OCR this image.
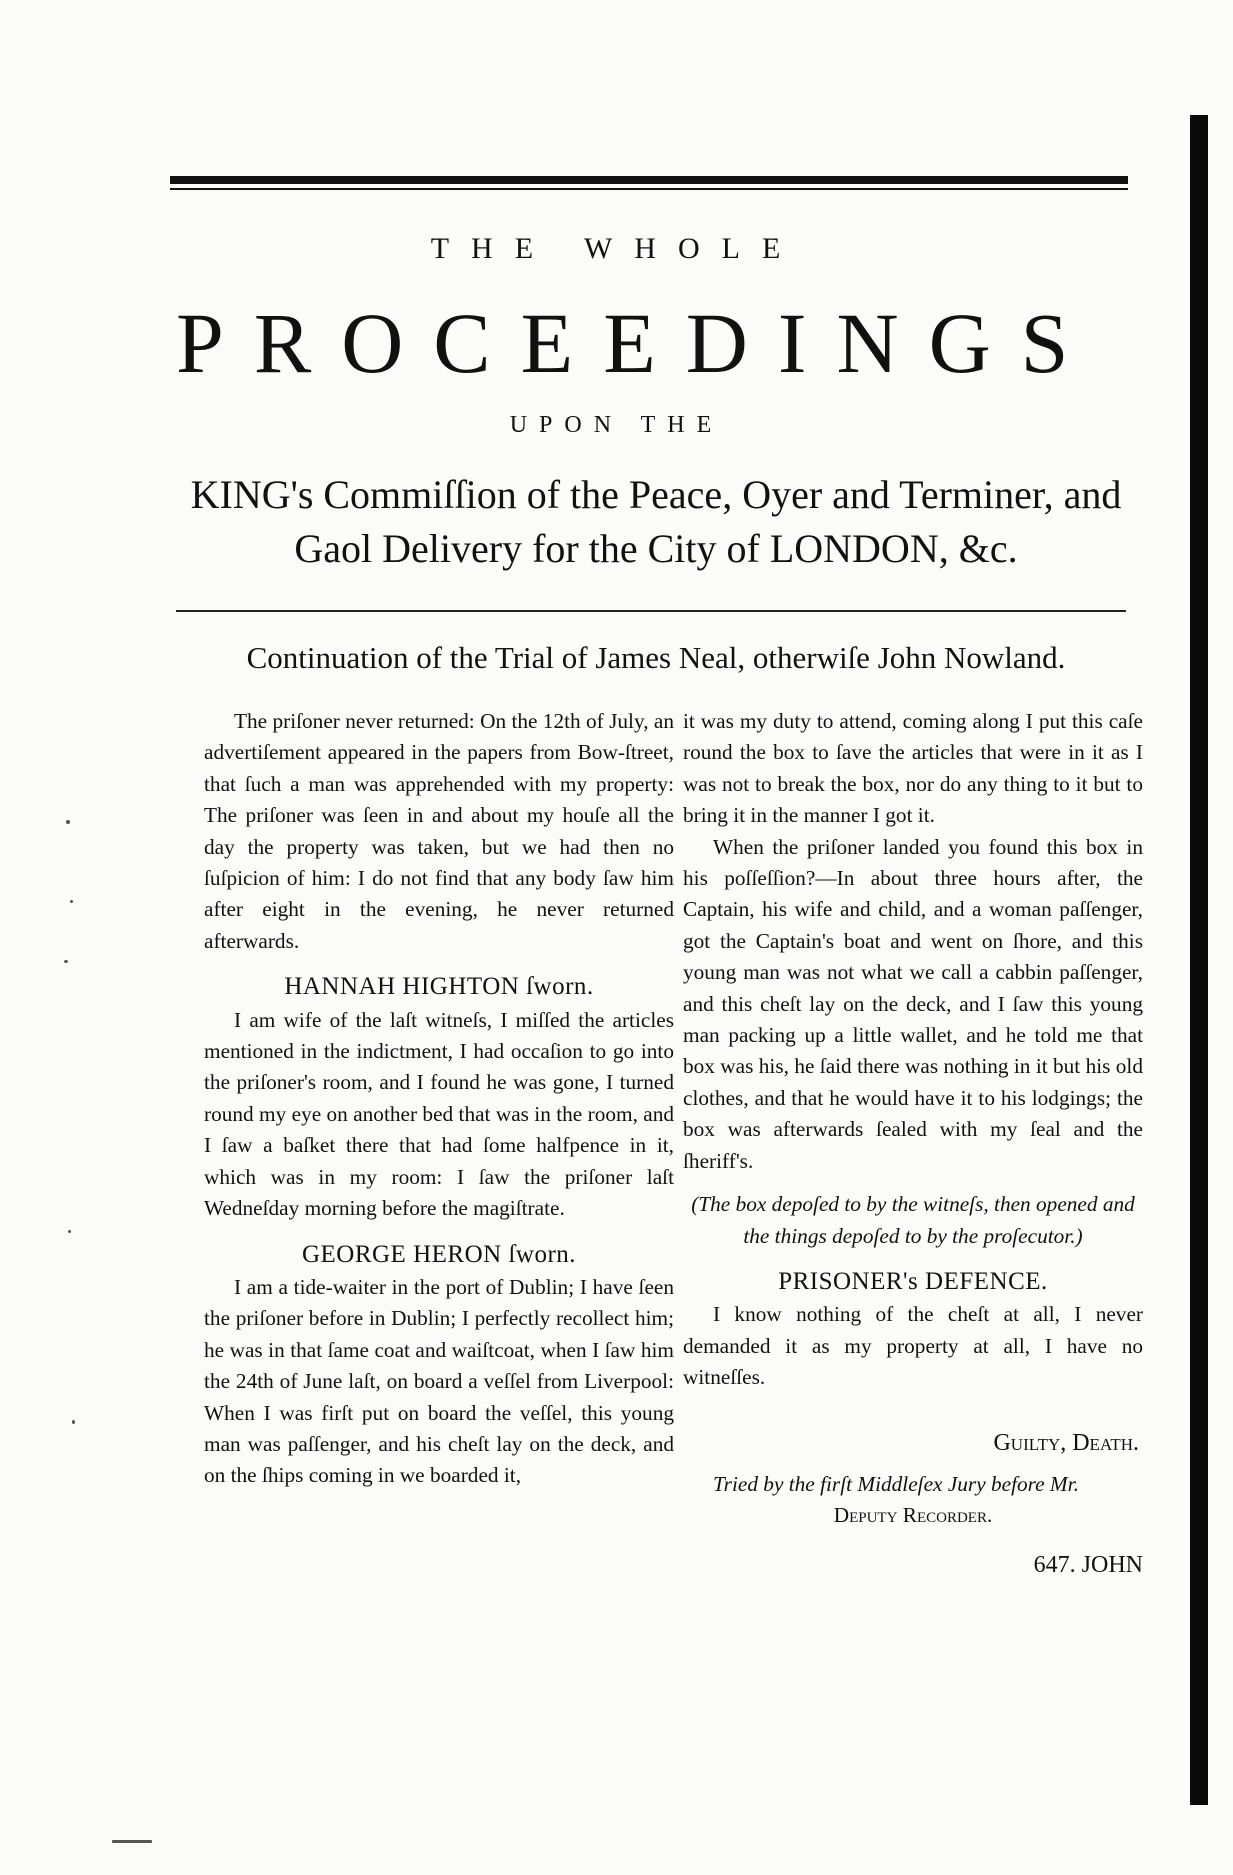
THE WHOLE
PROCEEDINGS
UPON THE
KING's Commiſſion of the Peace, Oyer and Terminer, and
Gaol Delivery for the City of LONDON, &c.
Continuation of the Trial of James Neal, otherwiſe John Nowland.

The priſoner never returned: On the 12th of July, an advertiſement appeared in the papers from Bow-ſtreet, that ſuch a man was apprehended with my property: The priſoner was ſeen in and about my houſe all the day the property was taken, but we had then no ſuſpicion of him: I do not find that any body ſaw him after eight in the evening, he never returned afterwards.

HANNAH HIGHTON ſworn.

I am wife of the laſt witneſs, I miſſed the articles mentioned in the indictment, I had occaſion to go into the priſoner's room, and I found he was gone, I turned round my eye on another bed that was in the room, and I ſaw a baſket there that had ſome halfpence in it, which was in my room: I ſaw the priſoner laſt Wedneſday morning before the magiſtrate.

GEORGE HERON ſworn.

I am a tide-waiter in the port of Dublin; I have ſeen the priſoner before in Dublin; I perfectly recollect him; he was in that ſame coat and waiſtcoat, when I ſaw him the 24th of June laſt, on board a veſſel from Liverpool: When I was firſt put on board the veſſel, this young man was paſſenger, and his cheſt lay on the deck, and on the ſhips coming in we boarded it,

it was my duty to attend, coming along I put this caſe round the box to ſave the articles that were in it as I was not to break the box, nor do any thing to it but to bring it in the manner I got it.

When the priſoner landed you found this box in his poſſeſſion?—In about three hours after, the Captain, his wife and child, and a woman paſſenger, got the Captain's boat and went on ſhore, and this young man was not what we call a cabbin paſſenger, and this cheſt lay on the deck, and I ſaw this young man packing up a little wallet, and he told me that box was his, he ſaid there was nothing in it but his old clothes, and that he would have it to his lodgings; the box was afterwards ſealed with my ſeal and the ſheriff's.

(The box depoſed to by the witneſs, then opened and the things depoſed to by the proſecutor.)
PRISONER's DEFENCE.

I know nothing of the cheſt at all, I never demanded it as my property at all, I have no witneſſes.

Guilty, Death.

Tried by the firſt Middleſex Jury before Mr.

Deputy Recorder.
647. JOHN
